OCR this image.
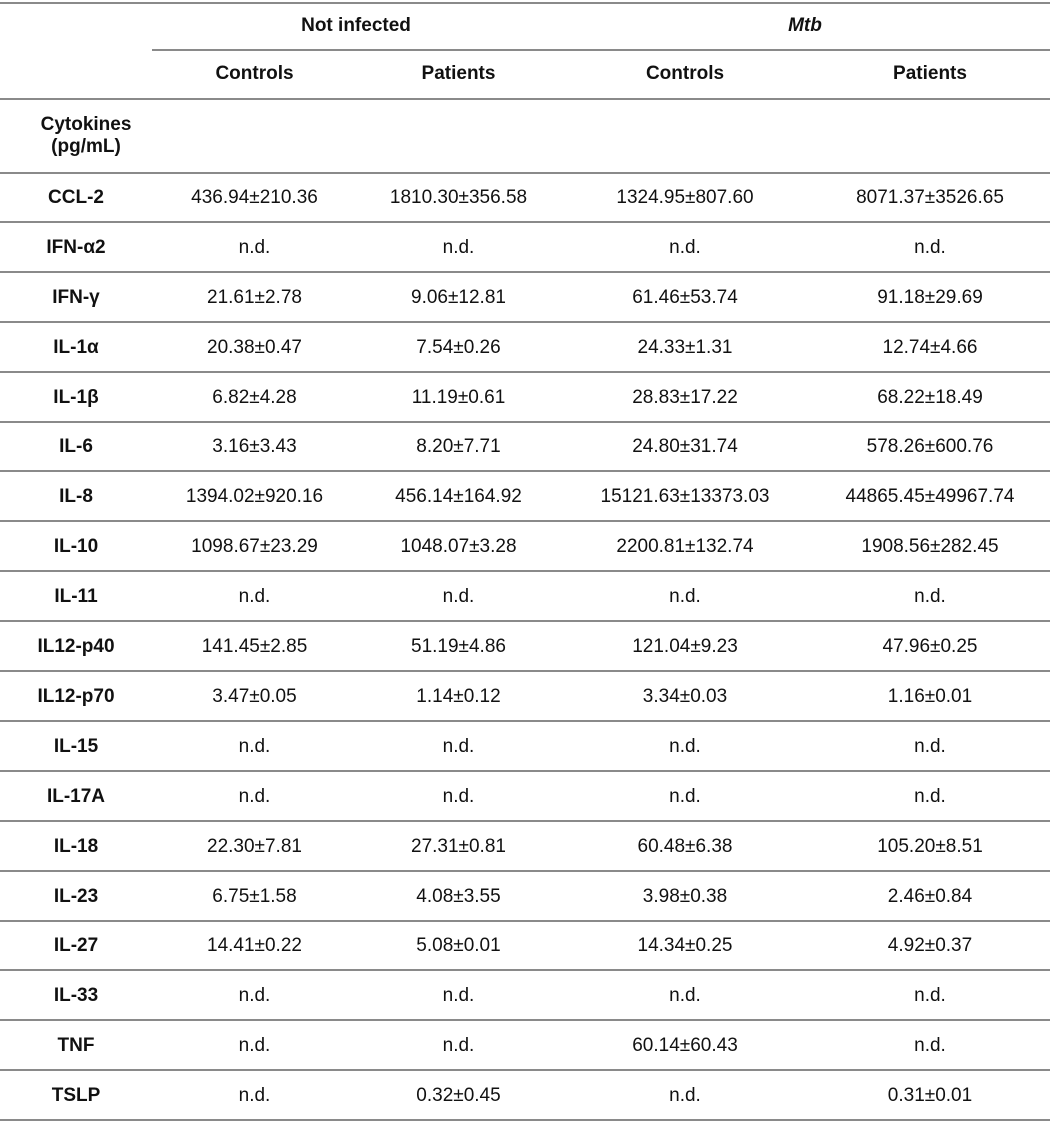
Not infected	Mtb
Controls	Patients	Controls	Patients
Cytokines (pg/mL)
CCL-2	436.94±210.36	1810.30±356.58	1324.95±807.60	8071.37±3526.65
IFN-α2	n.d.	n.d.	n.d.	n.d.
IFN-γ	21.61±2.78	9.06±12.81	61.46±53.74	91.18±29.69
IL-1α	20.38±0.47	7.54±0.26	24.33±1.31	12.74±4.66
IL-1β	6.82±4.28	11.19±0.61	28.83±17.22	68.22±18.49
IL-6	3.16±3.43	8.20±7.71	24.80±31.74	578.26±600.76
IL-8	1394.02±920.16	456.14±164.92	15121.63±13373.03	44865.45±49967.74
IL-10	1098.67±23.29	1048.07±3.28	2200.81±132.74	1908.56±282.45
IL-11	n.d.	n.d.	n.d.	n.d.
IL12-p40	141.45±2.85	51.19±4.86	121.04±9.23	47.96±0.25
IL12-p70	3.47±0.05	1.14±0.12	3.34±0.03	1.16±0.01
IL-15	n.d.	n.d.	n.d.	n.d.
IL-17A	n.d.	n.d.	n.d.	n.d.
IL-18	22.30±7.81	27.31±0.81	60.48±6.38	105.20±8.51
IL-23	6.75±1.58	4.08±3.55	3.98±0.38	2.46±0.84
IL-27	14.41±0.22	5.08±0.01	14.34±0.25	4.92±0.37
IL-33	n.d.	n.d.	n.d.	n.d.
TNF	n.d.	n.d.	60.14±60.43	n.d.
TSLP	n.d.	0.32±0.45	n.d.	0.31±0.01
